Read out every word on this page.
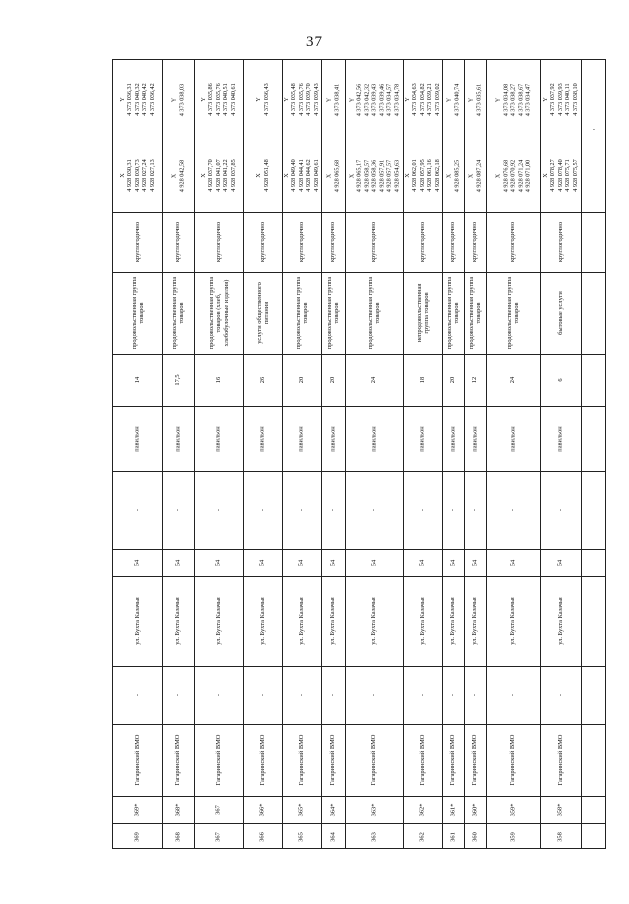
37
369
369*
Гагаринский ВМО
-
ул. Бухта Казачья
54
-
павильон
14
продовольственная группа товаров
круглогодично
X 4 928 030,31 4 928 030,73 4 928 027,24 4 928 027,13
Y 4 373 036,31 4 373 040,32 4 373 040,42 4 373 036,42
368
368*
Гагаринский ВМО
-
ул. Бухта Казачья
54
-
павильон
17,5
продовольственная группа товаров
круглогодично
X 4 928 042,58
Y 4 373 038,03
367
367
Гагаринский ВМО
-
ул. Бухта Казачья
54
-
павильон
16
продовольственная группа товаров (хлеб, хлебобулочные изделия)
круглогодично
X 4 928 037,70 4 928 041,07 4 928 041,22 4 928 037,85
Y 4 373 035,86 4 373 035,76 4 373 040,51 4 373 040,61
366
366*
Гагаринский ВМО
-
ул. Бухта Казачья
54
-
павильон
26
услуги общественного питания
круглогодично
X 4 928 051,48
Y 4 373 036,43
365
365*
Гагаринский ВМО
-
ул. Бухта Казачья
54
-
павильон
20
продовольственная группа товаров
круглогодично
X 4 928 049,40 4 928 044,41 4 928 044,62 4 928 049,61
Y 4 373 035,48 4 373 035,76 4 373 039,70 4 373 039,43
364
364*
Гагаринский ВМО
-
ул. Бухта Казачья
54
-
павильон
20
продовольственная группа товаров
круглогодично
X 4 928 065,68
Y 4 373 038,41
363
363*
Гагаринский ВМО
-
ул. Бухта Казачья
54
-
павильон
24
продовольственная группа товаров
круглогодично
X 4 928 065,17 4 928 058,57 4 928 058,36 4 928 057,91 4 928 057,57 4 928 054,63
Y 4 373 042,56 4 373 042,32 4 373 039,43 4 373 039,46 4 373 034,57 4 373 034,78
362
362*
Гагаринский ВМО
-
ул. Бухта Казачья
54
-
павильон
18
непродовольственная группа товаров
круглогодично
X 4 928 062,01 4 928 057,95 4 928 061,16 4 928 062,18
Y 4 373 034,63 4 373 034,82 4 373 039,21 4 373 039,02
361
361*
Гагаринский ВМО
-
ул. Бухта Казачья
54
-
павильон
20
продовольственная группа товаров
круглогодично
X 4 928 085,25
Y 4 373 040,74
360
360*
Гагаринский ВМО
-
ул. Бухта Казачья
54
-
павильон
12
продовольственная группа товаров
круглогодично
X 4 928 087,24
Y 4 373 035,61
359
359*
Гагаринский ВМО
-
ул. Бухта Казачья
54
-
павильон
24
продовольственная группа товаров
круглогодично
X 4 928 076,68 4 928 070,92 4 928 071,24 4 928 071,00
Y 4 373 034,08 4 373 038,27 4 373 038,67 4 373 034,47
358
358*
Гагаринский ВМО
-
ул. Бухта Казачья
54
-
павильон
6
бытовые услуги
круглогодично
X 4 928 078,27 4 928 078,40 4 928 075,71 4 928 075,57
Y 4 373 037,92 4 373 039,93 4 373 040,11 4 373 038,10
-
